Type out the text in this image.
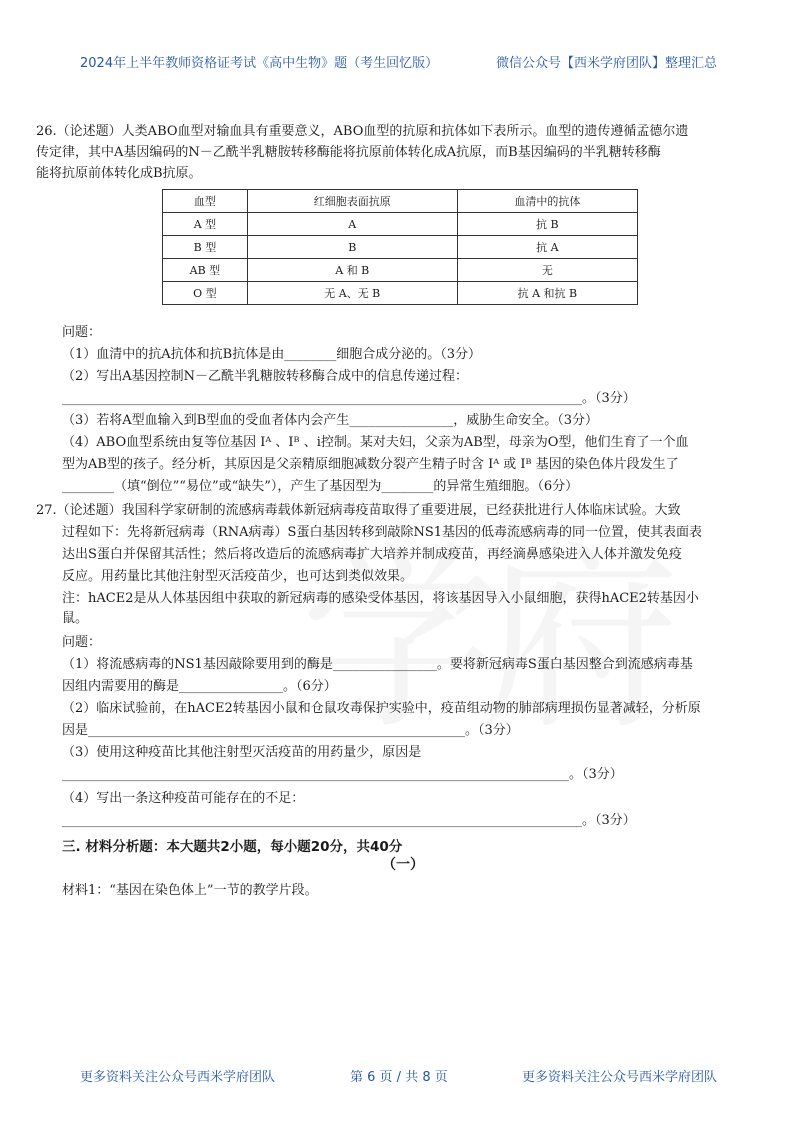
2024年上半年教师资格证考试《高中生物》题（考生回忆版）	微信公众号【西米学府团队】整理汇总
26.（论述题）人类ABO血型对输血具有重要意义，ABO血型的抗原和抗体如下表所示。血型的遗传遵循孟德尔遗
传定律，其中A基因编码的N－乙酰半乳糖胺转移酶能将抗原前体转化成A抗原，而B基因编码的半乳糖转移酶
能将抗原前体转化成B抗原。
血型	红细胞表面抗原	血清中的抗体
A 型	A	抗 B
B 型	B	抗 A
AB 型	A 和 B	无
O 型	无 A、无 B	抗 A 和抗 B
问题：
（1）血清中的抗A抗体和抗B抗体是由________细胞合成分泌的。（3分）
（2）写出A基因控制N－乙酰半乳糖胺转移酶合成中的信息传递过程：
________________________________________________________________________________。（3分）
（3）若将A型血输入到B型血的受血者体内会产生________________，威胁生命安全。（3分）
（4）ABO血型系统由复等位基因 Iᴬ 、Iᴮ 、i控制。某对夫妇，父亲为AB型，母亲为O型，他们生育了一个血
型为AB型的孩子。经分析，其原因是父亲精原细胞减数分裂产生精子时含 Iᴬ 或 Iᴮ 基因的染色体片段发生了
________（填“倒位”“易位”或“缺失”），产生了基因型为________的异常生殖细胞。（6分）
27.（论述题）我国科学家研制的流感病毒载体新冠病毒疫苗取得了重要进展，已经获批进行人体临床试验。大致
过程如下：先将新冠病毒（RNA病毒）S蛋白基因转移到敲除NS1基因的低毒流感病毒的同一位置，使其表面表
达出S蛋白并保留其活性；然后将改造后的流感病毒扩大培养并制成疫苗，再经滴鼻感染进入人体并激发免疫
反应。用药量比其他注射型灭活疫苗少，也可达到类似效果。
注：hACE2是从人体基因组中获取的新冠病毒的感染受体基因，将该基因导入小鼠细胞，获得hACE2转基因小
鼠。
问题：
（1）将流感病毒的NS1基因敲除要用到的酶是________________。要将新冠病毒S蛋白基因整合到流感病毒基
因组内需要用的酶是________________。（6分）
（2）临床试验前，在hACE2转基因小鼠和仓鼠攻毒保护实验中，疫苗组动物的肺部病理损伤显著减轻，分析原
因是__________________________________________________________。（3分）
（3）使用这种疫苗比其他注射型灭活疫苗的用药量少，原因是
______________________________________________________________________________。（3分）
（4）写出一条这种疫苗可能存在的不足：
________________________________________________________________________________。（3分）
三. 材料分析题：本大题共2小题，每小题20分，共40分
（一）
材料1：“基因在染色体上”一节的教学片段。
更多资料关注公众号西米学府团队	第 6 页 / 共 8 页	更多资料关注公众号西米学府团队
